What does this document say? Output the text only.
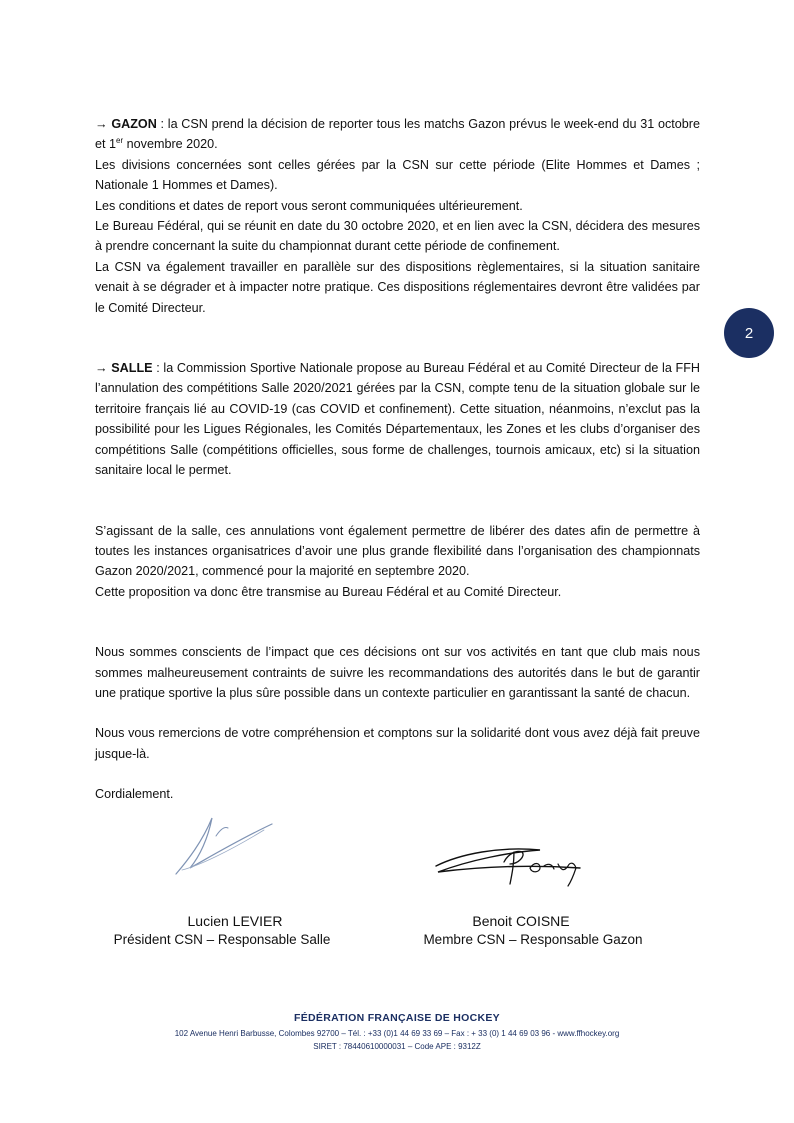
2

→ GAZON : la CSN prend la décision de reporter tous les matchs Gazon prévus le week-end du 31 octobre et 1er novembre 2020.

Les divisions concernées sont celles gérées par la CSN sur cette période (Elite Hommes et Dames ; Nationale 1 Hommes et Dames).

Les conditions et dates de report vous seront communiquées ultérieurement.

Le Bureau Fédéral, qui se réunit en date du 30 octobre 2020, et en lien avec la CSN, décidera des mesures à prendre concernant la suite du championnat durant cette période de confinement.

La CSN va également travailler en parallèle sur des dispositions règlementaires, si la situation sanitaire venait à se dégrader et à impacter notre pratique. Ces dispositions réglementaires devront être validées par le Comité Directeur.

→ SALLE : la Commission Sportive Nationale propose au Bureau Fédéral et au Comité Directeur de la FFH l’annulation des compétitions Salle 2020/2021 gérées par la CSN, compte tenu de la situation globale sur le territoire français lié au COVID-19 (cas COVID et confinement). Cette situation, néanmoins, n’exclut pas la possibilité pour les Ligues Régionales, les Comités Départementaux, les Zones et les clubs d’organiser des compétitions Salle (compétitions officielles, sous forme de challenges, tournois amicaux, etc) si la situation sanitaire local le permet.

S’agissant de la salle, ces annulations vont également permettre de libérer des dates afin de permettre à toutes les instances organisatrices d’avoir une plus grande flexibilité dans l’organisation des championnats Gazon 2020/2021, commencé pour la majorité en septembre 2020.

Cette proposition va donc être transmise au Bureau Fédéral et au Comité Directeur.

Nous sommes conscients de l’impact que ces décisions ont sur vos activités en tant que club mais nous sommes malheureusement contraints de suivre les recommandations des autorités dans le but de garantir une pratique sportive la plus sûre possible dans un contexte particulier en garantissant la santé de chacun.

Nous vous remercions de votre compréhension et comptons sur la solidarité dont vous avez déjà fait preuve jusque-là.

Cordialement.

Lucien LEVIER
Président CSN – Responsable Salle
Benoit COISNE
Membre CSN – Responsable Gazon
FÉDÉRATION FRANÇAISE DE HOCKEY
102 Avenue Henri Barbusse, Colombes 92700 – Tél. : +33 (0)1 44 69 33 69 – Fax : + 33 (0) 1 44 69 03 96 - www.ffhockey.org
SIRET : 78440610000031 – Code APE : 9312Z
